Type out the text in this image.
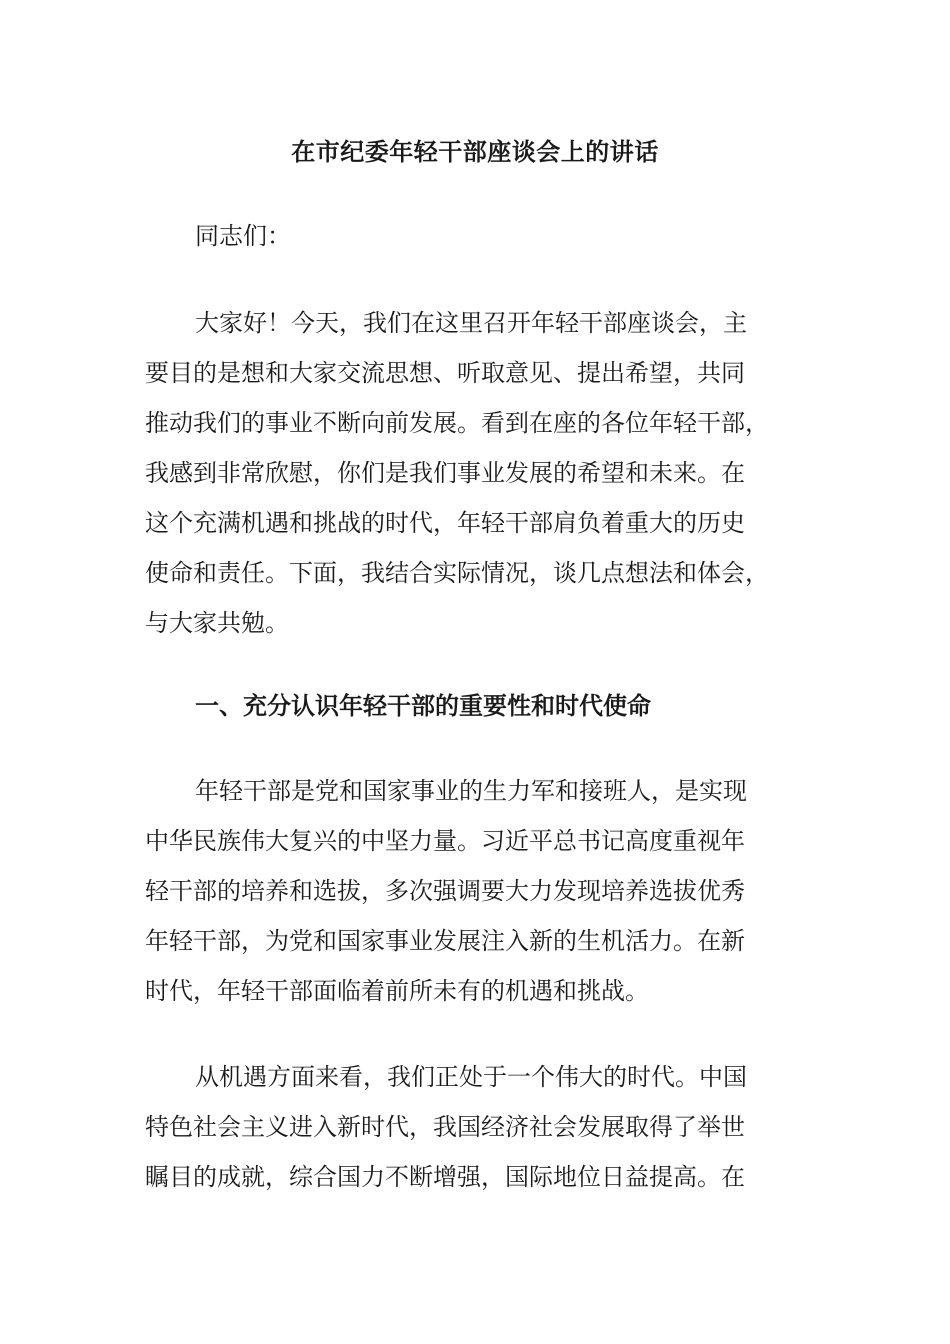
在市纪委年轻干部座谈会上的讲话
同志们：
大家好！今天，我们在这里召开年轻干部座谈会，主
要目的是想和大家交流思想、听取意见、提出希望，共同
推动我们的事业不断向前发展。看到在座的各位年轻干部，
我感到非常欣慰，你们是我们事业发展的希望和未来。在
这个充满机遇和挑战的时代，年轻干部肩负着重大的历史
使命和责任。下面，我结合实际情况，谈几点想法和体会，
与大家共勉。
一、充分认识年轻干部的重要性和时代使命
年轻干部是党和国家事业的生力军和接班人，是实现
中华民族伟大复兴的中坚力量。习近平总书记高度重视年
轻干部的培养和选拔，多次强调要大力发现培养选拔优秀
年轻干部，为党和国家事业发展注入新的生机活力。在新
时代，年轻干部面临着前所未有的机遇和挑战。
从机遇方面来看，我们正处于一个伟大的时代。中国
特色社会主义进入新时代，我国经济社会发展取得了举世
瞩目的成就，综合国力不断增强，国际地位日益提高。在
